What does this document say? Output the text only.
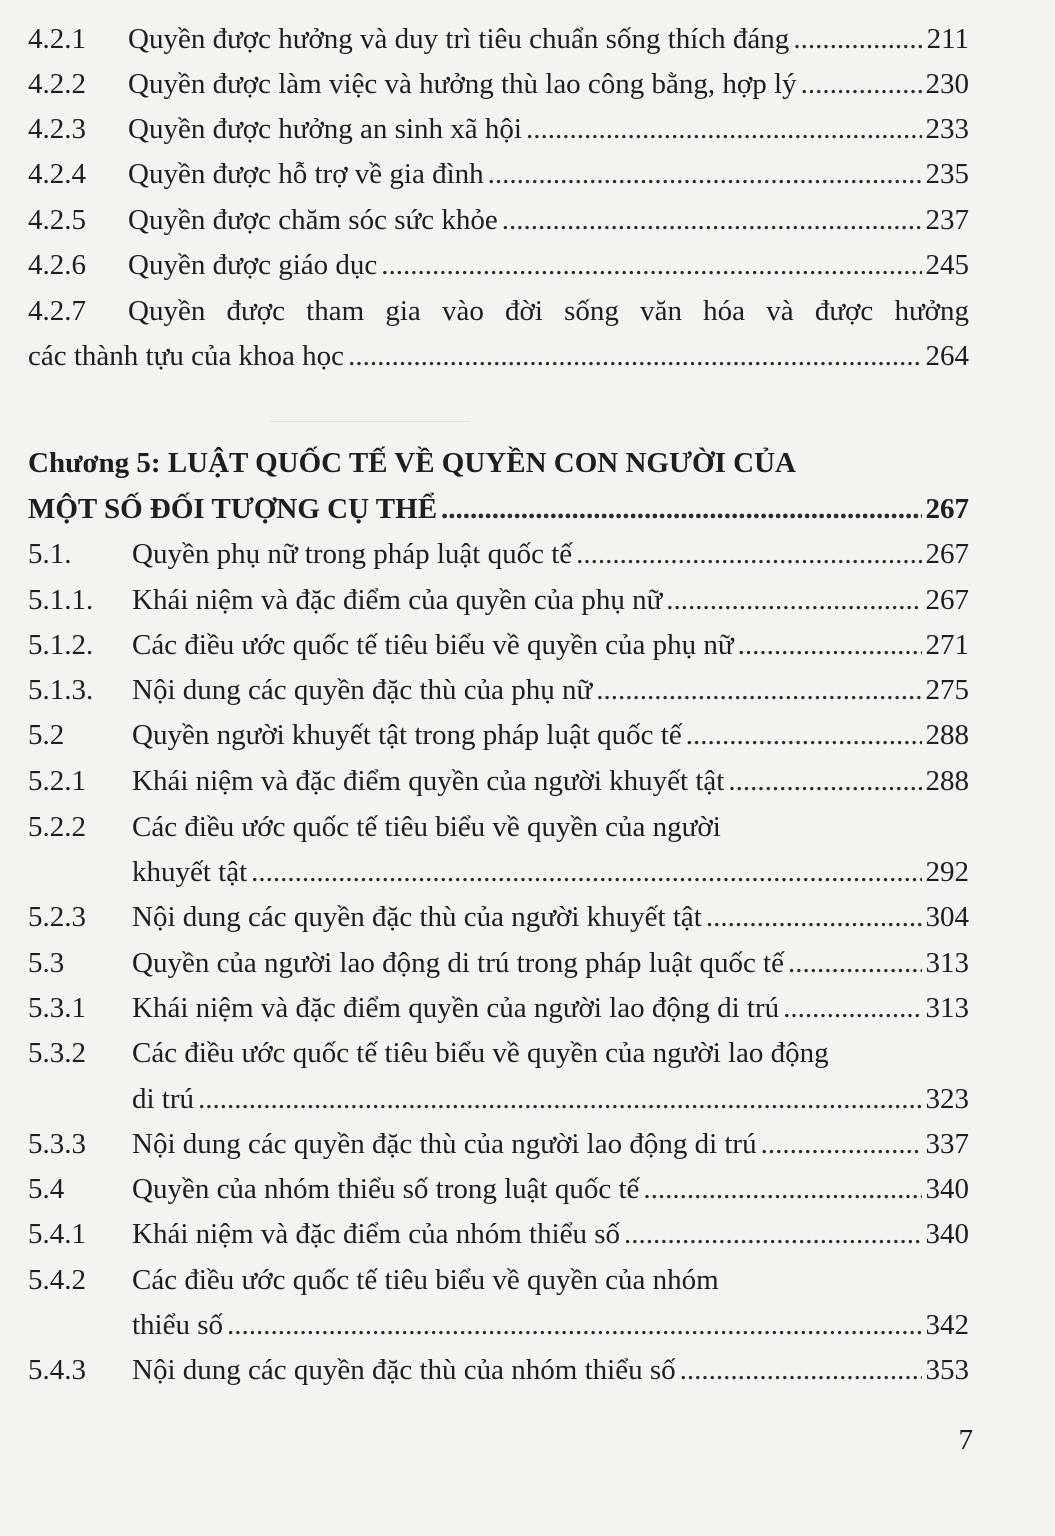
4.2.1 Quyền được hưởng và duy trì tiêu chuẩn sống thích đáng .....	211
4.2.2 Quyền được làm việc và hưởng thù lao công bằng, hợp lý .....	230
4.2.3 Quyền được hưởng an sinh xã hội .....	233
4.2.4 Quyền được hỗ trợ về gia đình .....	235
4.2.5 Quyền được chăm sóc sức khỏe .....	237
4.2.6 Quyền được giáo dục .....	245
4.2.7 Quyền được tham gia vào đời sống văn hóa và được hưởng
các thành tựu của khoa học .....	264
Chương 5: LUẬT QUỐC TẾ VỀ QUYỀN CON NGƯỜI CỦA
MỘT SỐ ĐỐI TƯỢNG CỤ THỂ .....	267
5.1. Quyền phụ nữ trong pháp luật quốc tế .....	267
5.1.1. Khái niệm và đặc điểm của quyền của phụ nữ .....	267
5.1.2. Các điều ước quốc tế tiêu biểu về quyền của phụ nữ .....	271
5.1.3. Nội dung các quyền đặc thù của phụ nữ .....	275
5.2 Quyền người khuyết tật trong pháp luật quốc tế .....	288
5.2.1 Khái niệm và đặc điểm quyền của người khuyết tật .....	288
5.2.2 Các điều ước quốc tế tiêu biểu về quyền của người
khuyết tật .....	292
5.2.3 Nội dung các quyền đặc thù của người khuyết tật .....	304
5.3 Quyền của người lao động di trú trong pháp luật quốc tế .....	313
5.3.1 Khái niệm và đặc điểm quyền của người lao động di trú .....	313
5.3.2 Các điều ước quốc tế tiêu biểu về quyền của người lao động
di trú .....	323
5.3.3 Nội dung các quyền đặc thù của người lao động di trú .....	337
5.4 Quyền của nhóm thiểu số trong luật quốc tế .....	340
5.4.1 Khái niệm và đặc điểm của nhóm thiểu số .....	340
5.4.2 Các điều ước quốc tế tiêu biểu về quyền của nhóm
thiểu số .....	342
5.4.3 Nội dung các quyền đặc thù của nhóm thiểu số .....	353
7
